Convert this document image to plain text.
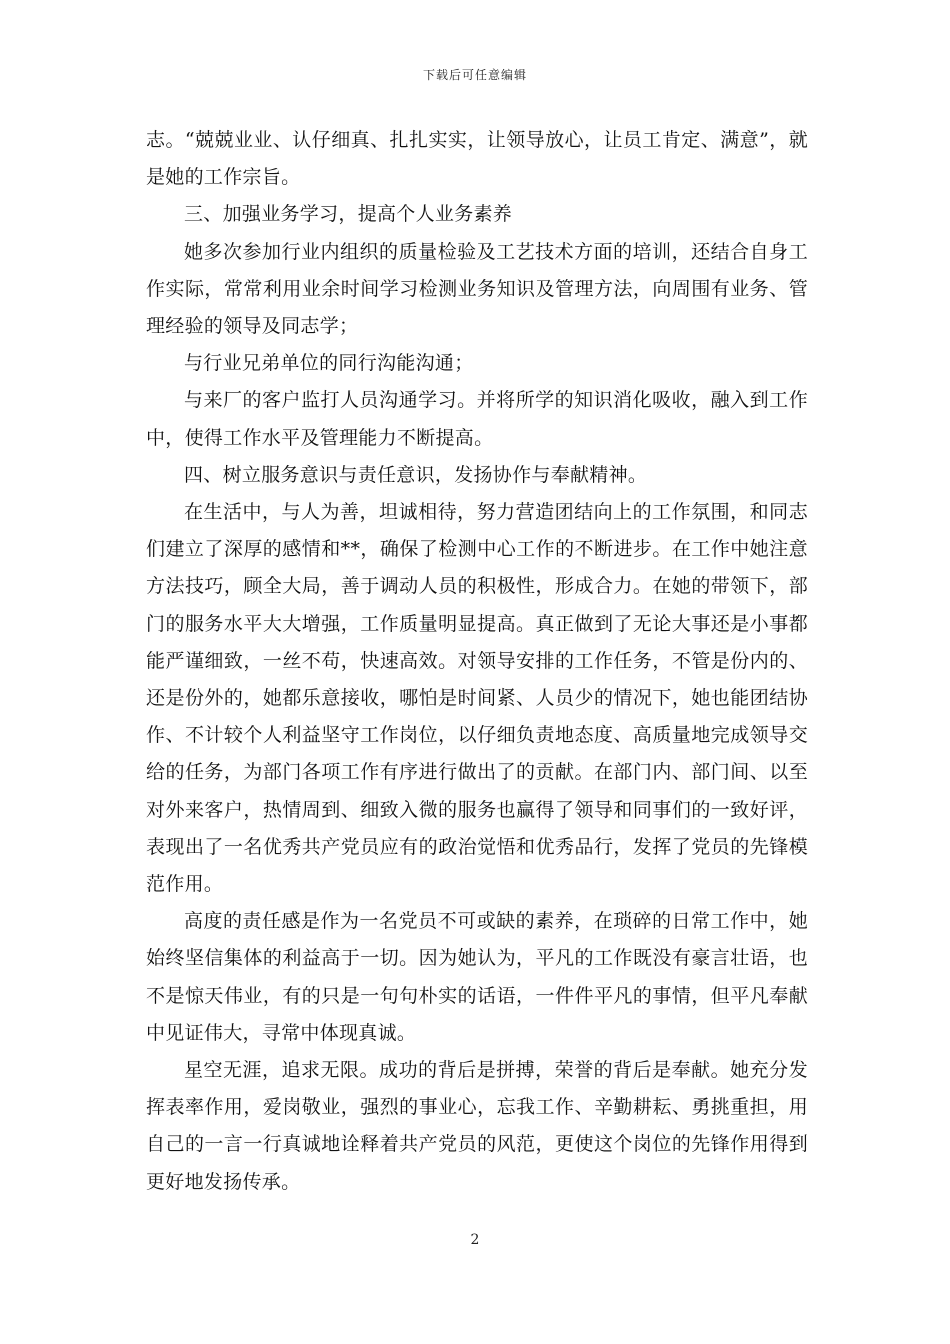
下载后可任意编辑

志。“兢兢业业、认仔细真、扎扎实实，让领导放心，让员工肯定、满意”，就是她的工作宗旨。

三、加强业务学习，提高个人业务素养

她多次参加行业内组织的质量检验及工艺技术方面的培训，还结合自身工作实际，常常利用业余时间学习检测业务知识及管理方法，向周围有业务、管理经验的领导及同志学；

与行业兄弟单位的同行沟能沟通；

与来厂的客户监打人员沟通学习。并将所学的知识消化吸收，融入到工作中，使得工作水平及管理能力不断提高。

四、树立服务意识与责任意识，发扬协作与奉献精神。

在生活中，与人为善，坦诚相待，努力营造团结向上的工作氛围，和同志们建立了深厚的感情和**，确保了检测中心工作的不断进步。在工作中她注意方法技巧，顾全大局，善于调动人员的积极性，形成合力。在她的带领下，部门的服务水平大大增强，工作质量明显提高。真正做到了无论大事还是小事都能严谨细致，一丝不苟，快速高效。对领导安排的工作任务，不管是份内的、还是份外的，她都乐意接收，哪怕是时间紧、人员少的情况下，她也能团结协作、不计较个人利益坚守工作岗位，以仔细负责地态度、高质量地完成领导交给的任务，为部门各项工作有序进行做出了的贡献。在部门内、部门间、以至对外来客户，热情周到、细致入微的服务也赢得了领导和同事们的一致好评，表现出了一名优秀共产党员应有的政治觉悟和优秀品行，发挥了党员的先锋模范作用。

高度的责任感是作为一名党员不可或缺的素养，在琐碎的日常工作中，她始终坚信集体的利益高于一切。因为她认为，平凡的工作既没有豪言壮语，也不是惊天伟业，有的只是一句句朴实的话语，一件件平凡的事情，但平凡奉献中见证伟大，寻常中体现真诚。

星空无涯，追求无限。成功的背后是拼搏，荣誉的背后是奉献。她充分发挥表率作用，爱岗敬业，强烈的事业心，忘我工作、辛勤耕耘、勇挑重担，用自己的一言一行真诚地诠释着共产党员的风范，更使这个岗位的先锋作用得到更好地发扬传承。

2
